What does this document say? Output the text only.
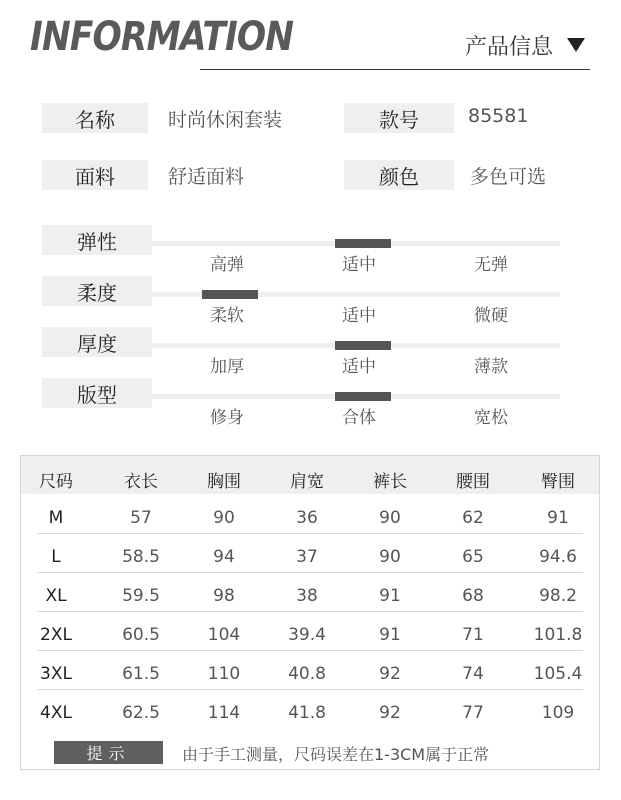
INFORMATION	产品信息
名称	时尚休闲套装	款号	85581
面料	舒适面料	颜色	多色可选
弹性
高弹	适中	无弹
柔度
柔软	适中	微硬
厚度
加厚	适中	薄款
版型
修身	合体	宽松
尺码	衣长	胸围	肩宽	裤长	腰围	臀围
M	57	90	36	90	62	91
L	58.5	94	37	90	65	94.6
XL	59.5	98	38	91	68	98.2
2XL	60.5	104	39.4	91	71	101.8
3XL	61.5	110	40.8	92	74	105.4
4XL	62.5	114	41.8	92	77	109
提示	由于手工测量，尺码误差在1-3CM属于正常
